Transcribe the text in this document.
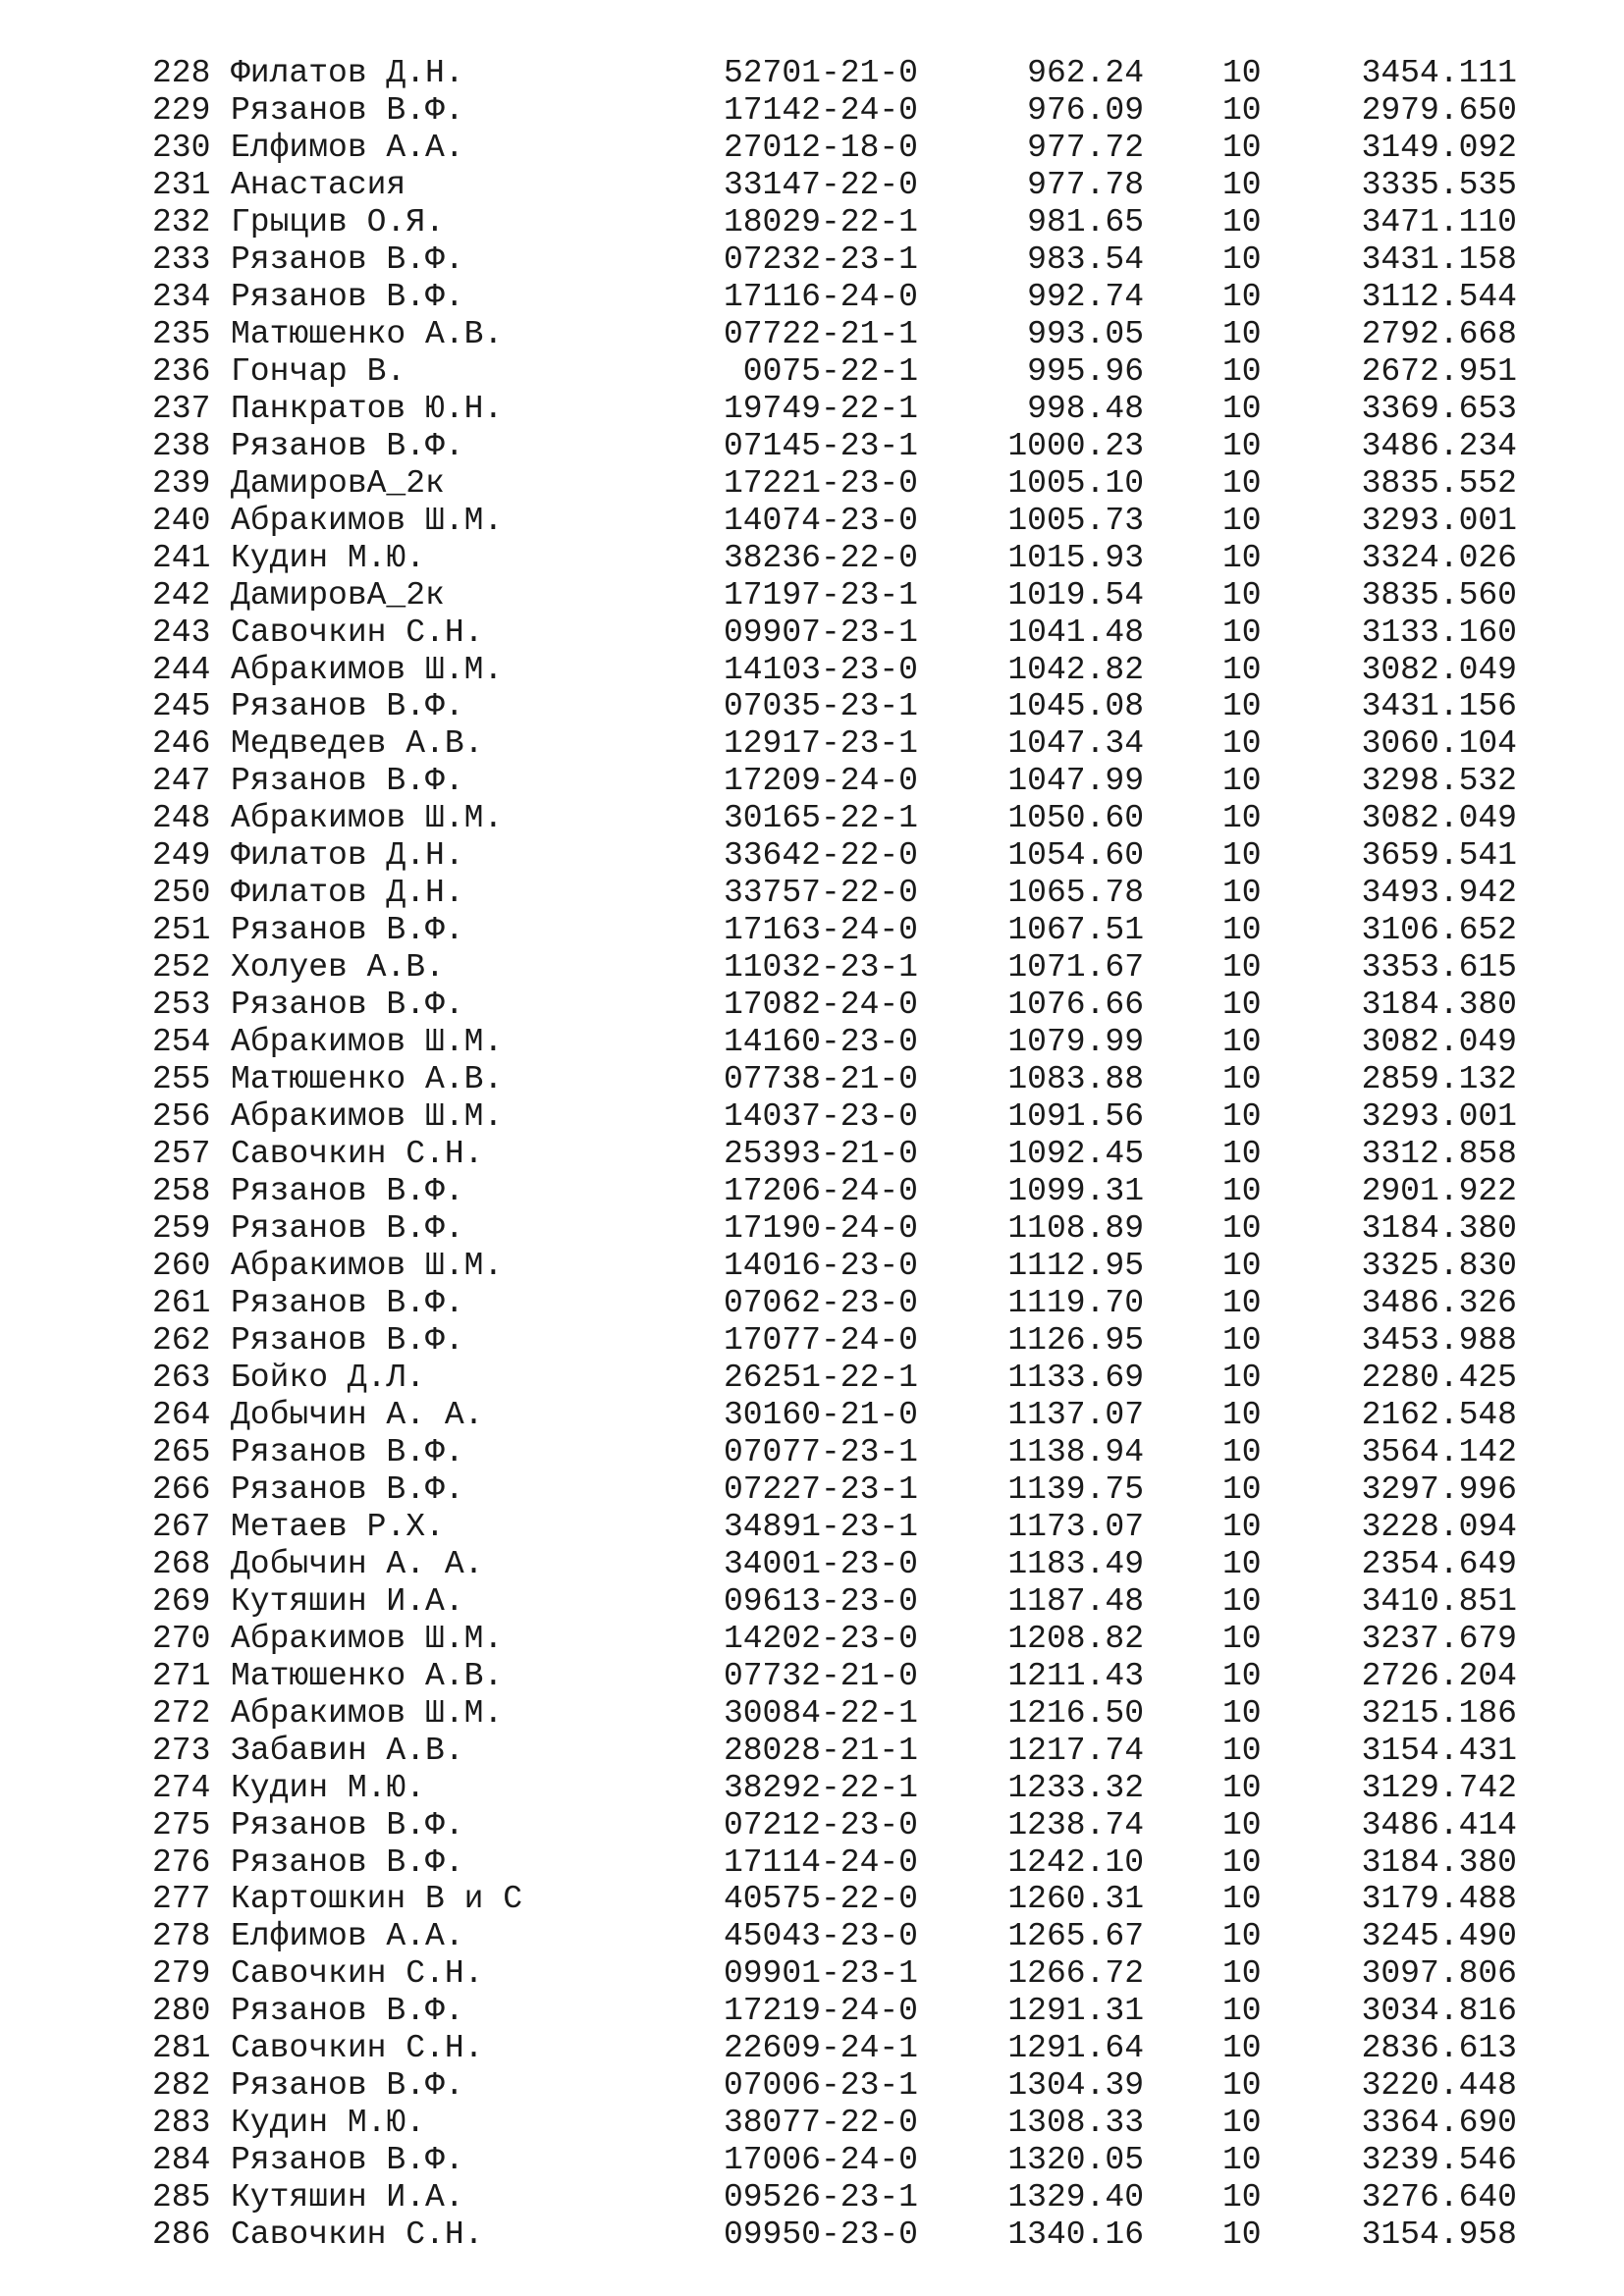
228 Филатов Д.Н.	52701-21-0	962.24 10	3454.111
229 Рязанов В.Ф.	17142-24-0	976.09 10	2979.650
230 Елфимов А.А.	27012-18-0	977.72 10	3149.092
231 Анастасия	33147-22-0	977.78 10	3335.535
232 Грыцив О.Я.	18029-22-1	981.65 10	3471.110
233 Рязанов В.Ф.	07232-23-1	983.54 10	3431.158
234 Рязанов В.Ф.	17116-24-0	992.74 10	3112.544
235 Матюшенко А.В.	07722-21-1	993.05 10	2792.668
236 Гончар В.	0075-22-1	995.96 10	2672.951
237 Панкратов Ю.Н.	19749-22-1	998.48 10	3369.653
238 Рязанов В.Ф.	07145-23-1	1000.23 10	3486.234
239 ДамировА_2к	17221-23-0	1005.10 10	3835.552
240 Абракимов Ш.М.	14074-23-0	1005.73 10	3293.001
241 Кудин М.Ю.	38236-22-0	1015.93 10	3324.026
242 ДамировА_2к	17197-23-1	1019.54 10	3835.560
243 Савочкин С.Н.	09907-23-1	1041.48 10	3133.160
244 Абракимов Ш.М.	14103-23-0	1042.82 10	3082.049
245 Рязанов В.Ф.	07035-23-1	1045.08 10	3431.156
246 Медведев А.В.	12917-23-1	1047.34 10	3060.104
247 Рязанов В.Ф.	17209-24-0	1047.99 10	3298.532
248 Абракимов Ш.М.	30165-22-1	1050.60 10	3082.049
249 Филатов Д.Н.	33642-22-0	1054.60 10	3659.541
250 Филатов Д.Н.	33757-22-0	1065.78 10	3493.942
251 Рязанов В.Ф.	17163-24-0	1067.51 10	3106.652
252 Холуев А.В.	11032-23-1	1071.67 10	3353.615
253 Рязанов В.Ф.	17082-24-0	1076.66 10	3184.380
254 Абракимов Ш.М.	14160-23-0	1079.99 10	3082.049
255 Матюшенко А.В.	07738-21-0	1083.88 10	2859.132
256 Абракимов Ш.М.	14037-23-0	1091.56 10	3293.001
257 Савочкин С.Н.	25393-21-0	1092.45 10	3312.858
258 Рязанов В.Ф.	17206-24-0	1099.31 10	2901.922
259 Рязанов В.Ф.	17190-24-0	1108.89 10	3184.380
260 Абракимов Ш.М.	14016-23-0	1112.95 10	3325.830
261 Рязанов В.Ф.	07062-23-0	1119.70 10	3486.326
262 Рязанов В.Ф.	17077-24-0	1126.95 10	3453.988
263 Бойко Д.Л.	26251-22-1	1133.69 10	2280.425
264 Добычин А. А.	30160-21-0	1137.07 10	2162.548
265 Рязанов В.Ф.	07077-23-1	1138.94 10	3564.142
266 Рязанов В.Ф.	07227-23-1	1139.75 10	3297.996
267 Метаев Р.Х.	34891-23-1	1173.07 10	3228.094
268 Добычин А. А.	34001-23-0	1183.49 10	2354.649
269 Кутяшин И.А.	09613-23-0	1187.48 10	3410.851
270 Абракимов Ш.М.	14202-23-0	1208.82 10	3237.679
271 Матюшенко А.В.	07732-21-0	1211.43 10	2726.204
272 Абракимов Ш.М.	30084-22-1	1216.50 10	3215.186
273 Забавин А.В.	28028-21-1	1217.74 10	3154.431
274 Кудин М.Ю.	38292-22-1	1233.32 10	3129.742
275 Рязанов В.Ф.	07212-23-0	1238.74 10	3486.414
276 Рязанов В.Ф.	17114-24-0	1242.10 10	3184.380
277 Картошкин В и С	40575-22-0	1260.31 10	3179.488
278 Елфимов А.А.	45043-23-0	1265.67 10	3245.490
279 Савочкин С.Н.	09901-23-1	1266.72 10	3097.806
280 Рязанов В.Ф.	17219-24-0	1291.31 10	3034.816
281 Савочкин С.Н.	22609-24-1	1291.64 10	2836.613
282 Рязанов В.Ф.	07006-23-1	1304.39 10	3220.448
283 Кудин М.Ю.	38077-22-0	1308.33 10	3364.690
284 Рязанов В.Ф.	17006-24-0	1320.05 10	3239.546
285 Кутяшин И.А.	09526-23-1	1329.40 10	3276.640
286 Савочкин С.Н.	09950-23-0	1340.16 10	3154.958
